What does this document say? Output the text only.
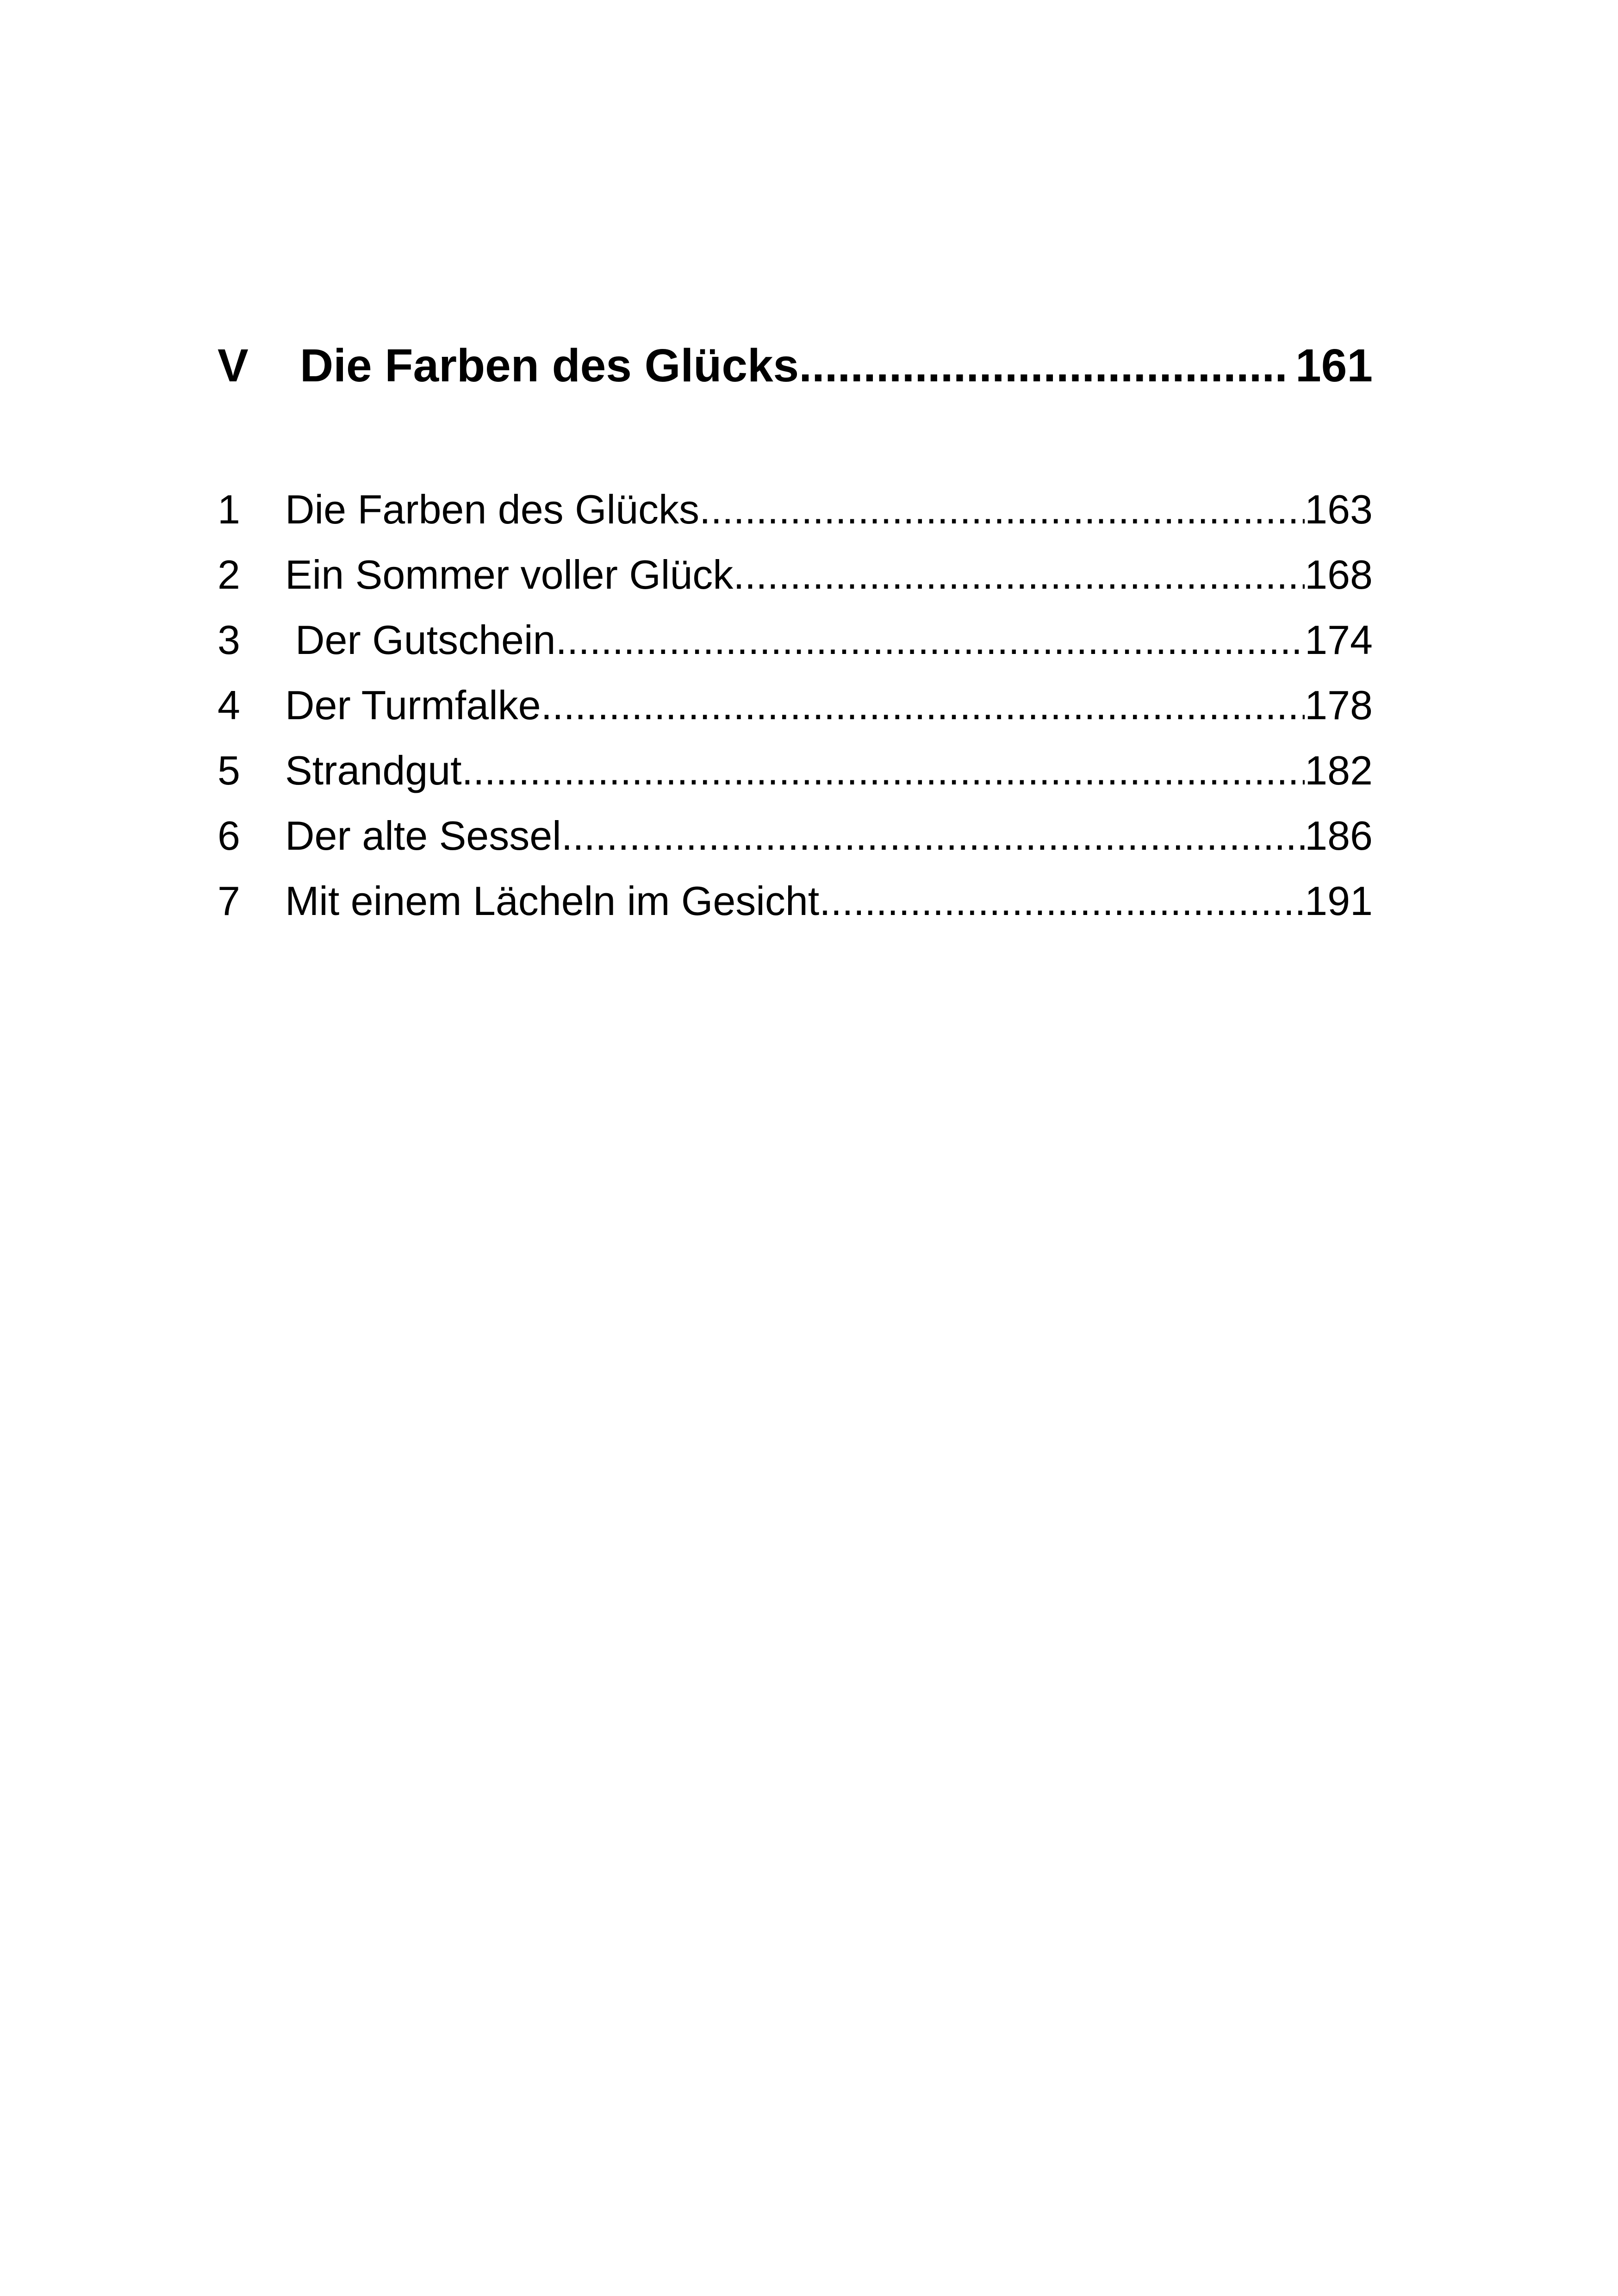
V	Die Farben des Glücks .....	161
1	Die Farben des Glücks .....	163
2	Ein Sommer voller Glück .....	168
3	Der Gutschein .....	174
4	Der Turmfalke .....	178
5	Strandgut .....	182
6	Der alte Sessel .....	186
7	Mit einem Lächeln im Gesicht .....	191
